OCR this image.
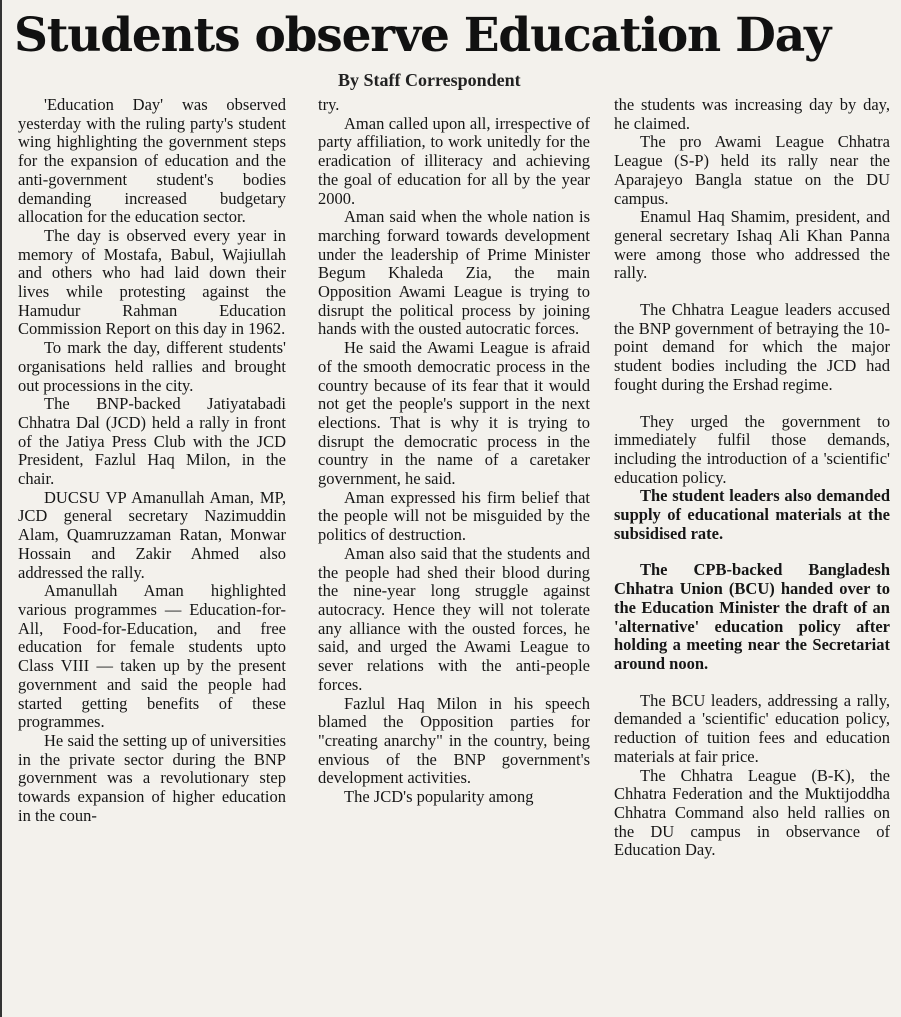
Students observe Education Day
By Staff Correspondent

'Education Day' was observed yesterday with the ruling party's student wing highlighting the government steps for the expansion of education and the anti-government student's bodies demanding increased budgetary allocation for the education sector.

The day is observed every year in memory of Mostafa, Babul, Wajiullah and others who had laid down their lives while protesting against the Hamudur Rahman Education Commission Report on this day in 1962.

To mark the day, different students' organisations held rallies and brought out processions in the city.

The BNP-backed Jatiyatabadi Chhatra Dal (JCD) held a rally in front of the Jatiya Press Club with the JCD President, Fazlul Haq Milon, in the chair.

DUCSU VP Amanullah Aman, MP, JCD general secretary Nazimuddin Alam, Quamruzzaman Ratan, Monwar Hossain and Zakir Ahmed also addressed the rally.

Amanullah Aman highlighted various programmes — Education-for-All, Food-for-Education, and free education for female students upto Class VIII — taken up by the present government and said the people had started getting benefits of these programmes.

He said the setting up of universities in the private sector during the BNP government was a revolutionary step towards expansion of higher education in the coun-

try.

Aman called upon all, irrespective of party affiliation, to work unitedly for the eradication of illiteracy and achieving the goal of education for all by the year 2000.

Aman said when the whole nation is marching forward towards development under the leadership of Prime Minister Begum Khaleda Zia, the main Opposition Awami League is trying to disrupt the political process by joining hands with the ousted autocratic forces.

He said the Awami League is afraid of the smooth democratic process in the country because of its fear that it would not get the people's support in the next elections. That is why it is trying to disrupt the democratic process in the country in the name of a caretaker government, he said.

Aman expressed his firm belief that the people will not be misguided by the politics of destruction.

Aman also said that the students and the people had shed their blood during the nine-year long struggle against autocracy. Hence they will not tolerate any alliance with the ousted forces, he said, and urged the Awami League to sever relations with the anti-people forces.

Fazlul Haq Milon in his speech blamed the Opposition parties for "creating anarchy" in the country, being envious of the BNP government's development activities.

The JCD's popularity among

the students was increasing day by day, he claimed.

The pro Awami League Chhatra League (S-P) held its rally near the Aparajeyo Bangla statue on the DU campus.

Enamul Haq Shamim, president, and general secretary Ishaq Ali Khan Panna were among those who addressed the rally.

The Chhatra League leaders accused the BNP government of betraying the 10-point demand for which the major student bodies including the JCD had fought during the Ershad regime.

They urged the government to immediately fulfil those demands, including the introduction of a 'scientific' education policy.

The student leaders also demanded supply of educational materials at the subsidised rate.

The CPB-backed Bangladesh Chhatra Union (BCU) handed over to the Education Minister the draft of an 'alternative' education policy after holding a meeting near the Secretariat around noon.

The BCU leaders, addressing a rally, demanded a 'scientific' education policy, reduction of tuition fees and education materials at fair price.

The Chhatra League (B-K), the Chhatra Federation and the Muktijoddha Chhatra Command also held rallies on the DU campus in observance of Education Day.
